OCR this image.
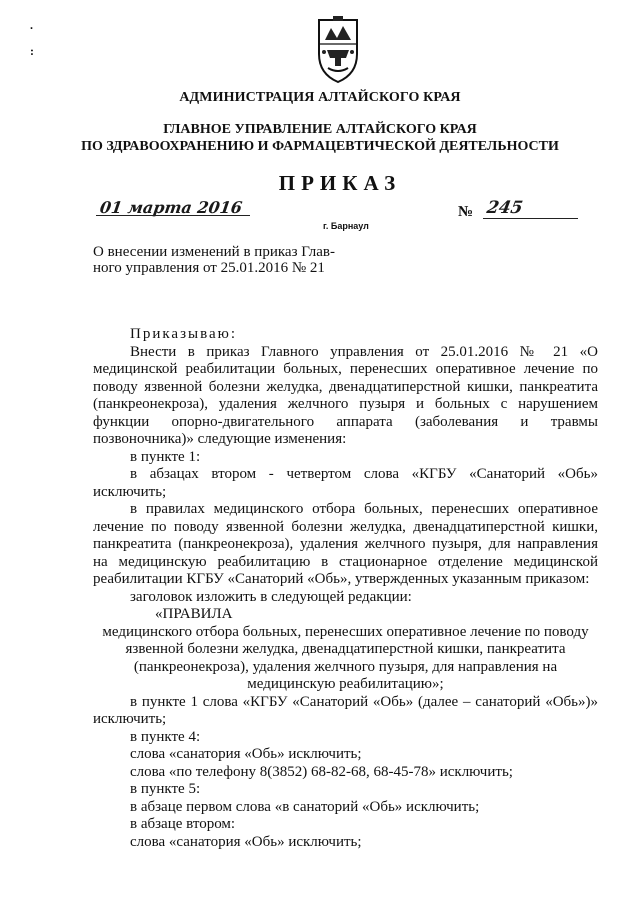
.
:
АДМИНИСТРАЦИЯ АЛТАЙСКОГО КРАЯ
ГЛАВНОЕ УПРАВЛЕНИЕ АЛТАЙСКОГО КРАЯ
ПО ЗДРАВООХРАНЕНИЮ И ФАРМАЦЕВТИЧЕСКОЙ ДЕЯТЕЛЬНОСТИ
ПРИКАЗ
01 марта 2016
г. Барнаул
№ 245
О внесении изменений в приказ Глав-
ного управления от 25.01.2016 № 21

Приказываю:

Внести в приказ Главного управления от 25.01.2016 № 21 «О медицинской реабилитации больных, перенесших оперативное лечение по поводу язвенной болезни желудка, двенадцатиперстной кишки, панкреатита (панкреонекроза), удаления желчного пузыря и больных с нарушением функции опорно-двигательного аппарата (заболевания и травмы позвоночника)» следующие изменения:

в пункте 1:

в абзацах втором - четвертом слова «КГБУ «Санаторий «Обь» исключить;

в правилах медицинского отбора больных, перенесших оперативное лечение по поводу язвенной болезни желудка, двенадцатиперстной кишки, панкреатита (панкреонекроза), удаления желчного пузыря, для направления на медицинскую реабилитацию в стационарное отделение медицинской реабилитации КГБУ «Санаторий «Обь», утвержденных указанным приказом:

заголовок изложить в следующей редакции:

«ПРАВИЛА

медицинского отбора больных, перенесших оперативное лечение по поводу язвенной болезни желудка, двенадцатиперстной кишки, панкреатита (панкреонекроза), удаления желчного пузыря, для направления на медицинскую реабилитацию»;

в пункте 1 слова «КГБУ «Санаторий «Обь» (далее – санаторий «Обь»)» исключить;

в пункте 4:

слова «санатория «Обь» исключить;

слова «по телефону 8(3852) 68-82-68, 68-45-78» исключить;

в пункте 5:

в абзаце первом слова «в санаторий «Обь» исключить;

в абзаце втором:

слова «санатория «Обь» исключить;
